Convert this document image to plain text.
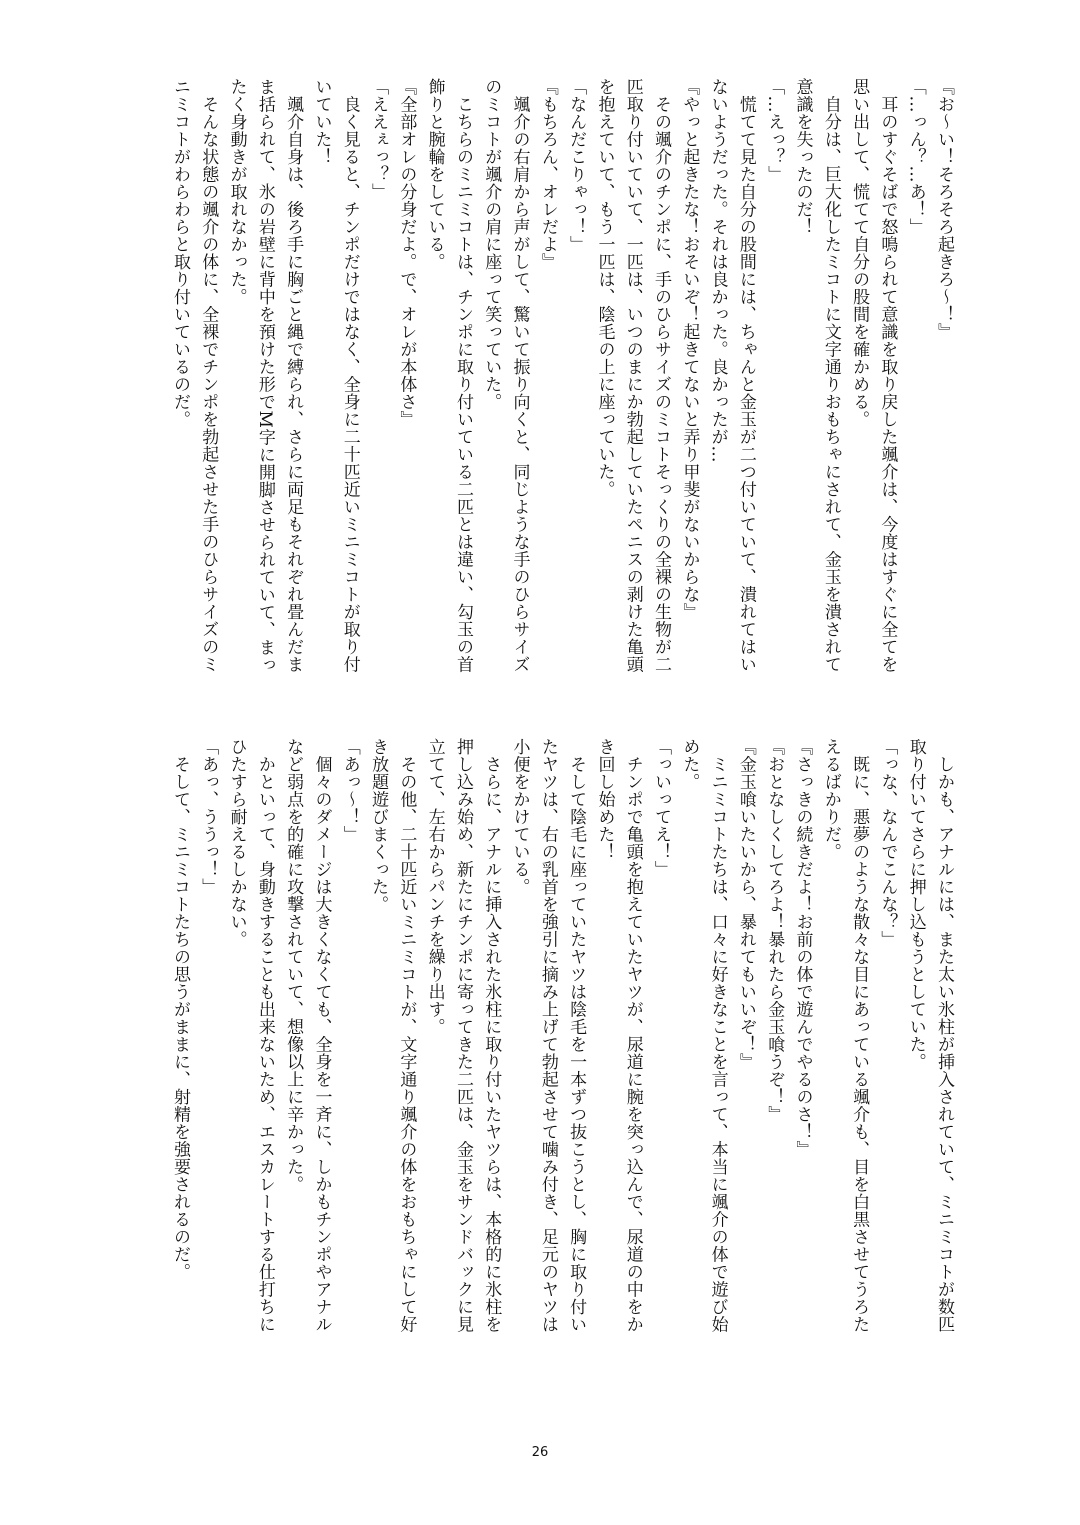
『お〜い！そろそろ起きろ〜！』
「…っん？…あ！」
　耳のすぐそばで怒鳴られて意識を取り戻した颯介は、今度はすぐに全てを
思い出して、慌てて自分の股間を確かめる。
　自分は、巨大化したミコトに文字通りおもちゃにされて、金玉を潰されて
意識を失ったのだ！
「…えっ？」
　慌てて見た自分の股間には、ちゃんと金玉が二つ付いていて、潰れてはい
ないようだった。それは良かった。良かったが…
『やっと起きたな！おそいぞ！起きてないと弄り甲斐がないからな』
　その颯介のチンポに、手のひらサイズのミコトそっくりの全裸の生物が二
匹取り付いていて、一匹は、いつのまにか勃起していたペニスの剥けた亀頭
を抱えていて、もう一匹は、陰毛の上に座っていた。
「なんだこりゃっ！」
『もちろん、オレだよ』
　颯介の右肩から声がして、驚いて振り向くと、同じような手のひらサイズ
のミコトが颯介の肩に座って笑っていた。
　こちらのミニミコトは、チンポに取り付いている二匹とは違い、勾玉の首
飾りと腕輪をしている。
『全部オレの分身だよ。で、オレが本体さ』
「ええぇっ？」
　良く見ると、チンポだけではなく、全身に二十匹近いミニミコトが取り付
いていた！
　颯介自身は、後ろ手に胸ごと縄で縛られ、さらに両足もそれぞれ畳んだま
ま括られて、氷の岩壁に背中を預けた形でM字に開脚させられていて、まっ
たく身動きが取れなかった。
　そんな状態の颯介の体に、全裸でチンポを勃起させた手のひらサイズのミ
ニミコトがわらわらと取り付いているのだ。
　しかも、アナルには、また太い氷柱が挿入されていて、ミニミコトが数匹
取り付いてさらに押し込もうとしていた。
「っな、なんでこんな？」
　既に、悪夢のような散々な目にあっている颯介も、目を白黒させてうろた
えるばかりだ。
『さっきの続きだよ！お前の体で遊んでやるのさ！』
『おとなしくしてろよ！暴れたら金玉喰うぞ！』
『金玉喰いたいから、暴れてもいいぞ！』
　ミニミコトたちは、口々に好きなことを言って、本当に颯介の体で遊び始
めた。
「っいってえ！」
　チンポで亀頭を抱えていたヤツが、尿道に腕を突っ込んで、尿道の中をか
き回し始めた！
　そして陰毛に座っていたヤツは陰毛を一本ずつ抜こうとし、胸に取り付い
たヤツは、右の乳首を強引に摘み上げて勃起させて噛み付き、足元のヤツは
小便をかけている。
　さらに、アナルに挿入された氷柱に取り付いたヤツらは、本格的に氷柱を
押し込み始め、新たにチンポに寄ってきた二匹は、金玉をサンドバックに見
立てて、左右からパンチを繰り出す。
　その他、二十匹近いミニミコトが、文字通り颯介の体をおもちゃにして好
き放題遊びまくった。
「あっ〜！」
　個々のダメージは大きくなくても、全身を一斉に、しかもチンポやアナル
など弱点を的確に攻撃されていて、想像以上に辛かった。
　かといって、身動きすることも出来ないため、エスカレートする仕打ちに
ひたすら耐えるしかない。
「あっ、ううっ！」
　そして、ミニミコトたちの思うがままに、射精を強要されるのだ。
26
